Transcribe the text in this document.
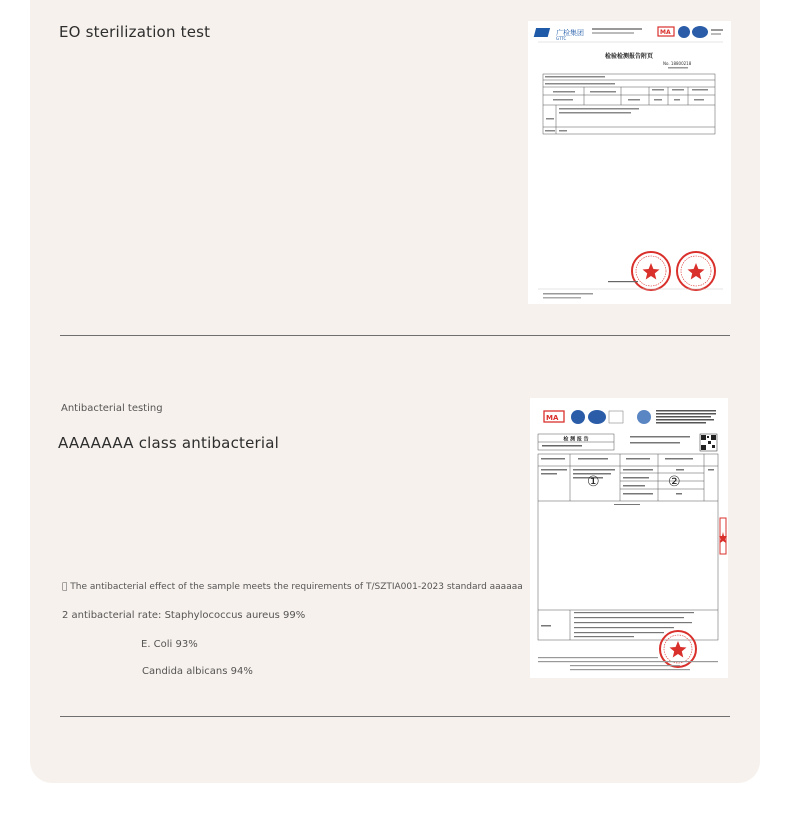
EO sterilization test	广检集团
GTTC
MA
检验检测报告附页
No. 18800218
Antibacterial testing
AAAAAAA class antibacterial
  The antibacterial effect of the sample meets the requirements of T/SZTIA001-2023 standard aaaaaa
2 antibacterial rate: Staphylococcus aureus 99%
E. Coli 93%
Candida albicans 94%
MA
检 测 报 告
①	②
